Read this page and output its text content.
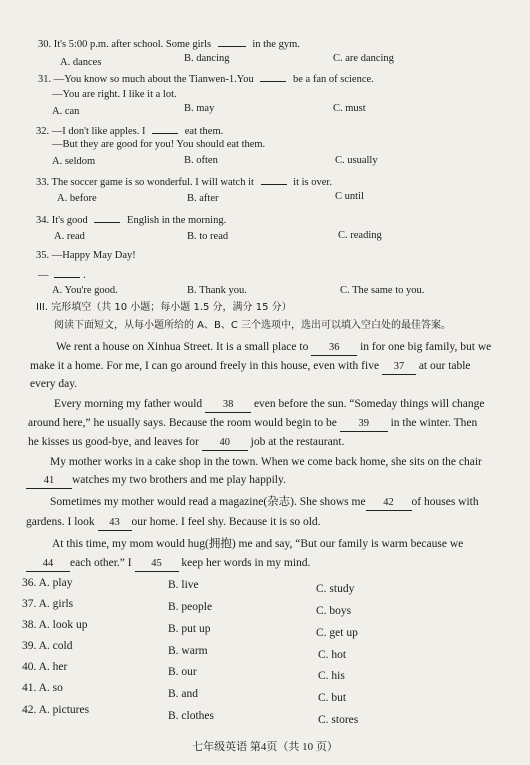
30. It's 5:00 p.m. after school. Some girls	in the gym.
A. dances	B. dancing	C. are dancing
31. —You know so much about the Tianwen-1.You	be a fan of science.
—You are right. I like it a lot.
A. can	B. may	C. must
32. —I don't like apples. I	eat them.
—But they are good for you! You should eat them.
A. seldom	B. often	C. usually
33. The soccer game is so wonderful. I will watch it	it is over.
A. before	B. after	C until
34. It's good	English in the morning.
A. read	B. to read	C. reading
35. —Happy May Day!
—	.
A. You're good.	B. Thank you.	C. The same to you.
III. 完形填空（共 10 小题；每小题 1.5 分，满分 15 分）
阅读下面短文，从每小题所给的 A、B、C 三个选项中，选出可以填入空白处的最佳答案。
We rent a house on Xinhua Street. It is a small place to 36 in for one big family, but we
make it a home. For me, I can go around freely in this house, even with five 37 at our table
every day.
Every morning my father would 38 even before the sun. “Someday things will change
around here,” he usually says. Because the room would begin to be 39 in the winter. Then
he kisses us good-bye, and leaves for 40 job at the restaurant.
My mother works in a cake shop in the town. When we come back home, she sits on the chair
41 watches my two brothers and me play happily.
Sometimes my mother would read a magazine(杂志). She shows me 42 of houses with
gardens. I look 43 our home. I feel shy. Because it is so old.
At this time, my mom would hug(拥抱) me and say, “But our family is warm because we
44 each other.” I 45 keep her words in my mind.
36. A. play	B. live	C. study
37. A. girls	B. people	C. boys
38. A. look up	B. put up	C. get up
39. A. cold	B. warm	C. hot
40. A. her	B. our	C. his
41. A. so	B. and	C. but
42. A. pictures	B. clothes	C. stores
七年级英语 第4页（共 10 页）
